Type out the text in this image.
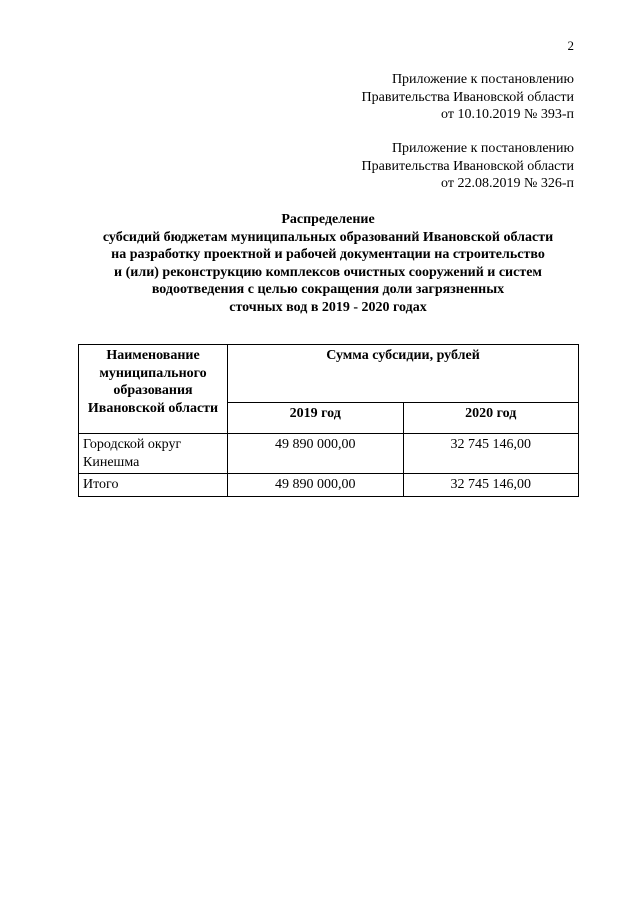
2
Приложение к постановлению
Правительства Ивановской области
от 10.10.2019 № 393-п
Приложение к постановлению
Правительства Ивановской области
от 22.08.2019 № 326-п
Распределение
субсидий бюджетам муниципальных образований Ивановской области
на разработку проектной и рабочей документации на строительство
и (или) реконструкцию комплексов очистных сооружений и систем
водоотведения с целью сокращения доли загрязненных
сточных вод в 2019 - 2020 годах
Наименование
муниципального
образования
Ивановской области	Сумма субсидии, рублей	
	2019 год	2020 год

Городской округ
Кинешма	49 890 000,00	32 745 146,00
Итого	49 890 000,00	32 745 146,00
